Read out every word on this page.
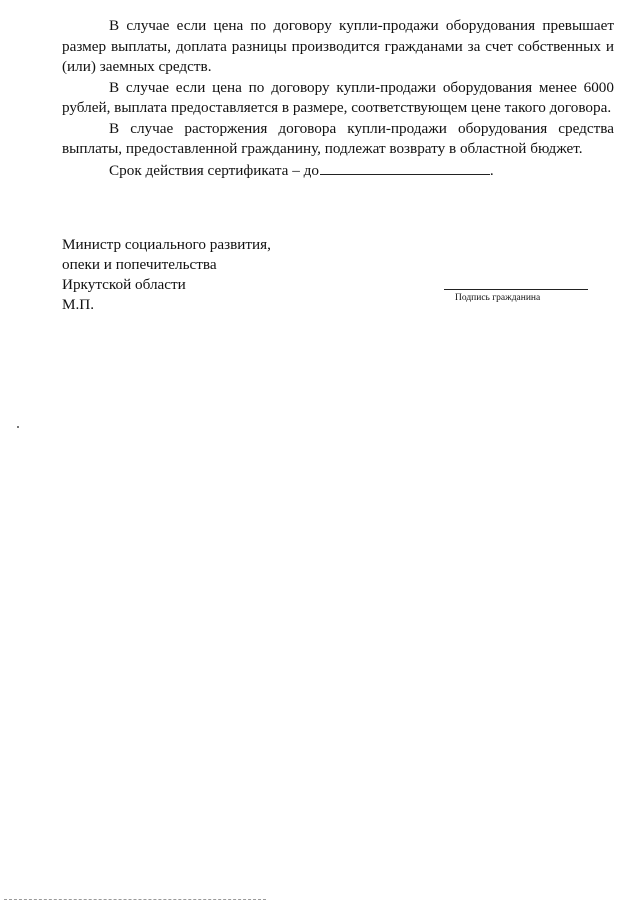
В случае если цена по договору купли-продажи оборудования превышает размер выплаты, доплата разницы производится гражданами за счет собственных и (или) заемных средств.

В случае если цена по договору купли-продажи оборудования менее 6000 рублей, выплата предоставляется в размере, соответствующем цене такого договора.

В случае расторжения договора купли-продажи оборудования средства выплаты, предоставленной гражданину, подлежат возврату в областной бюджет.

Срок действия сертификата – до	.

Министр социального развития,
опеки и попечительства
Иркутской области
М.П.	Подпись гражданина
